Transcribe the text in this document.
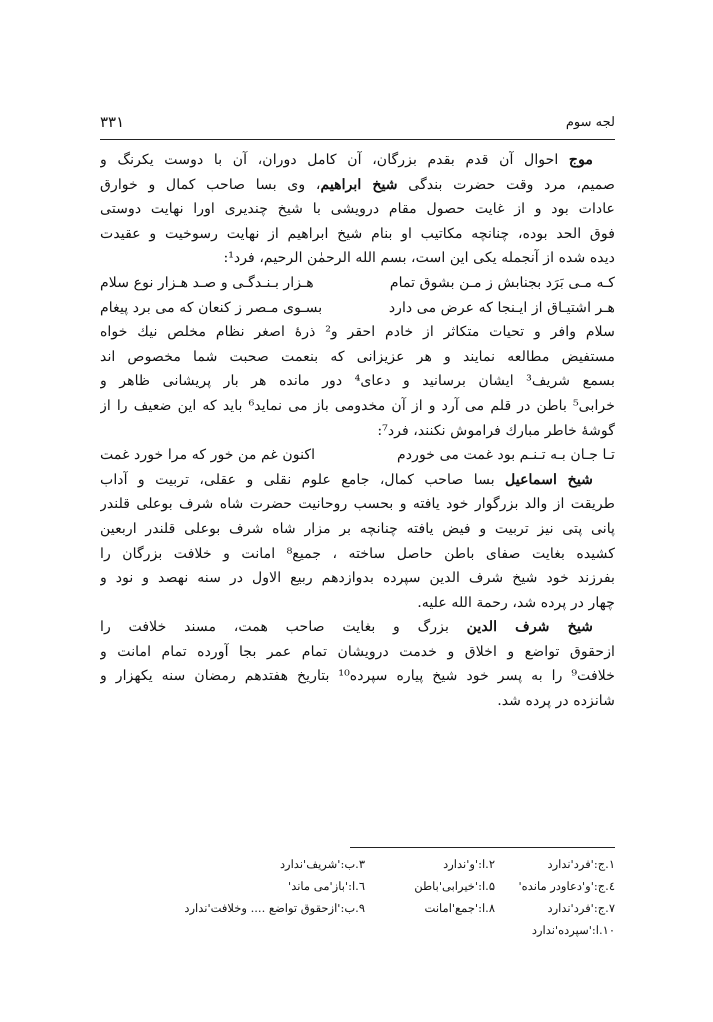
لجه سوم
۳۳۱
موج احوال آن قدم بقدم بزرگان، آن کامل دوران، آن با دوست یکرنگ و
صمیم، مرد وقت حضرت بندگی شیخ ابراهیم، وی بسا صاحب کمال و خوارق
عادات بود و از غایت حصول مقام درویشی با شیخ چندیری اورا نهایت دوستی
فوق الحد بوده، چنانچه مکاتیب او بنام شیخ ابراهیم از نهایت رسوخیت و عقیدت
دیده شده از آنجمله یکی این است، بسم الله الرحمٰن الرحیم، فرد¹:
کـه مـی بَرَد بجنابش ز مـن بشوق تمام
هـزار بـنـدگـی و صـد هـزار نوع سلام
هـر اشتیـاق از ایـنجا که عرض می دارد
بسـوی مـصر ز کنعان که می برد پیغام
سلام وافر و تحیات متکاثر از خادم احقر و² ذرهٔ اصغر نظام مخلص نیك خواه
مستفیض مطالعه نمایند و هر عزیزانی که بنعمت صحبت شما مخصوص اند
بسمع شریف³ ایشان برسانید و دعای⁴ دور مانده هر بار پریشانی ظاهر و
خرابی⁵ باطن در قلم می آرد و از آن مخدومی باز می نماید⁶ باید که این ضعیف را از
گوشهٔ خاطر مبارك فراموش نكنند، فرد⁷:
تـا جـان بـه تـنـم بود غمت می خوردم
اکنون غم من خور که مرا خورد غمت
شیخ اسماعیل بسا صاحب کمال، جامع علوم نقلی و عقلی، تربیت و آداب
طریقت از والد بزرگوار خود یافته و بحسب روحانیت حضرت شاه شرف بوعلی قلندر
پانی پتی نیز تربیت و فیض یافته چنانچه بر مزار شاه شرف بوعلی قلندر اربعین
کشیده بغایت صفای باطن حاصل ساخته ، جمیع⁸ امانت و خلافت بزرگان را
بفرزند خود شیخ شرف الدین سپرده بدوازدهم ربیع الاول در سنه نهصد و نود و
چهار در پرده شد، رحمة الله علیه.
شیخ شرف الدین بزرگ و بغایت صاحب همت، مسند خلافت را
ازحقوق تواضع و اخلاق و خدمت درویشان تمام عمر بجا آورده تمام امانت و
خلافت⁹ را به پسر خود شیخ پیاره سپرده¹⁰ بتاریخ هفتدهم رمضان سنه یکهزار و
شانزده در پرده شد.
۱.ج:'فرد'ندارد
۲.ا:'و'ندارد
۳.ب:'شریف'ندارد
٤.ج:'و'دعاودر مانده'
۵.ا:'خیرابی'باطن
٦.ا:'باز'می ماند'
۷.ج:'فرد'ندارد
۸.ا:'جمع'امانت
۹.ب:'ازحقوق تواضع .... وخلافت'ندارد
۱۰.ا:'سپرده'ندارد
